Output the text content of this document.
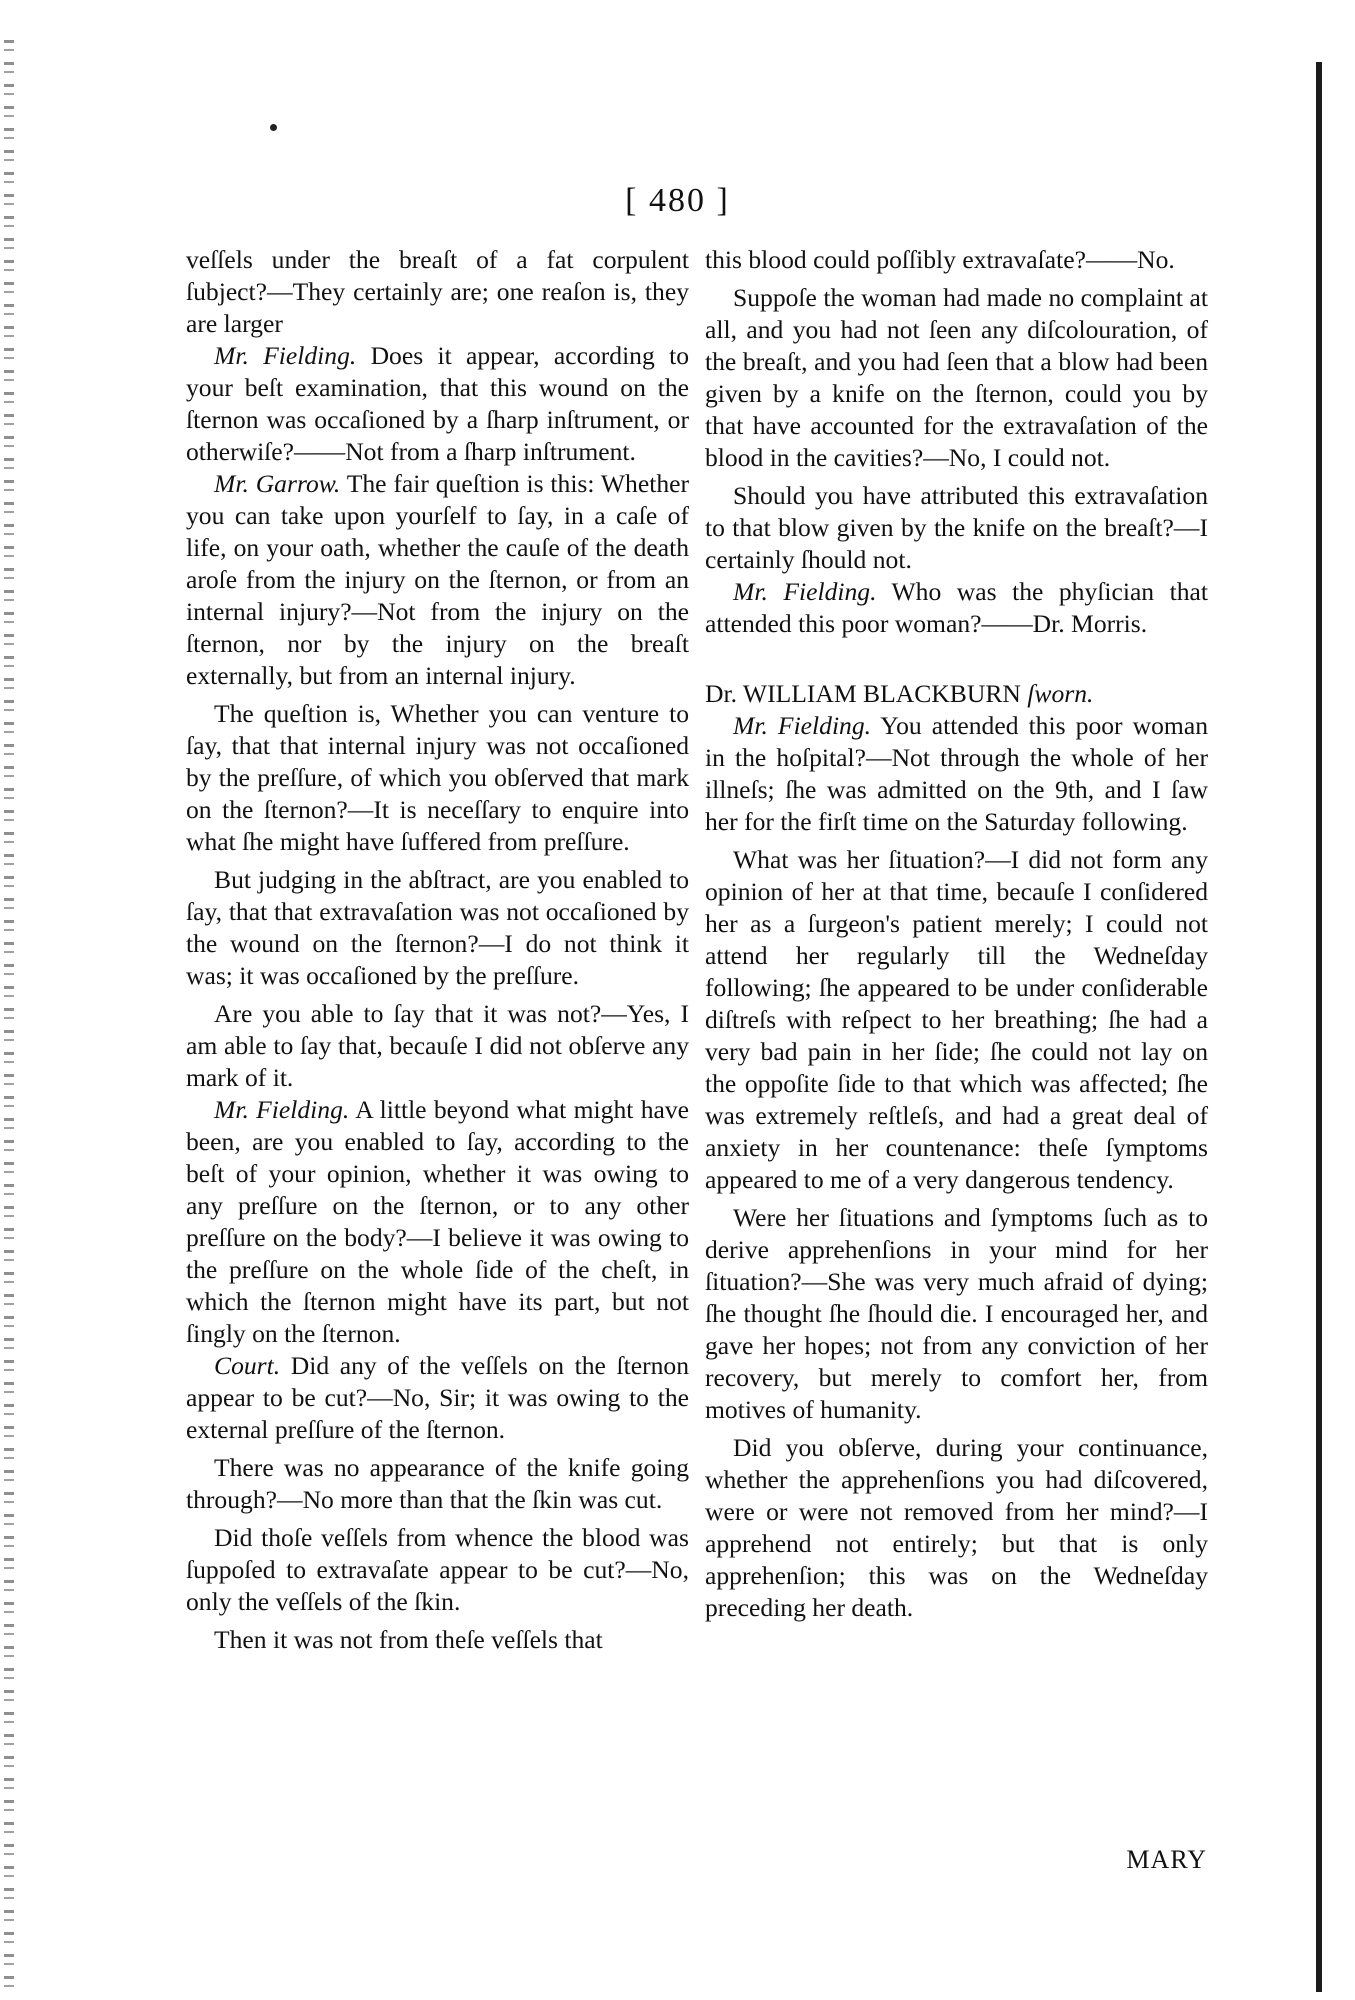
[ 480 ]

veſſels under the breaſt of a fat corpulent ſubject?—They certainly are; one reaſon is, they are larger

Mr. Fielding. Does it appear, according to your beſt examination, that this wound on the ſternon was occaſioned by a ſharp inſtrument, or otherwiſe?——Not from a ſharp inſtrument.

Mr. Garrow. The fair queſtion is this: Whether you can take upon yourſelf to ſay, in a caſe of life, on your oath, whether the cauſe of the death aroſe from the injury on the ſternon, or from an internal injury?—Not from the injury on the ſternon, nor by the injury on the breaſt externally, but from an internal injury.

The queſtion is, Whether you can venture to ſay, that that internal injury was not occaſioned by the preſſure, of which you obſerved that mark on the ſternon?—It is neceſſary to enquire into what ſhe might have ſuffered from preſſure.

But judging in the abſtract, are you enabled to ſay, that that extravaſation was not occaſioned by the wound on the ſternon?—I do not think it was; it was occaſioned by the preſſure.

Are you able to ſay that it was not?—Yes, I am able to ſay that, becauſe I did not obſerve any mark of it.

Mr. Fielding. A little beyond what might have been, are you enabled to ſay, according to the beſt of your opinion, whether it was owing to any preſſure on the ſternon, or to any other preſſure on the body?—I believe it was owing to the preſſure on the whole ſide of the cheſt, in which the ſternon might have its part, but not ſingly on the ſternon.

Court. Did any of the veſſels on the ſternon appear to be cut?—No, Sir; it was owing to the external preſſure of the ſternon.

There was no appearance of the knife going through?—No more than that the ſkin was cut.

Did thoſe veſſels from whence the blood was ſuppoſed to extravaſate appear to be cut?—No, only the veſſels of the ſkin.

Then it was not from theſe veſſels that

this blood could poſſibly extravaſate?——No.

Suppoſe the woman had made no complaint at all, and you had not ſeen any diſcolouration, of the breaſt, and you had ſeen that a blow had been given by a knife on the ſternon, could you by that have accounted for the extravaſation of the blood in the cavities?—No, I could not.

Should you have attributed this extravaſation to that blow given by the knife on the breaſt?—I certainly ſhould not.

Mr. Fielding. Who was the phyſician that attended this poor woman?——Dr. Morris.

Dr. WILLIAM BLACKBURN ſworn.

Mr. Fielding. You attended this poor woman in the hoſpital?—Not through the whole of her illneſs; ſhe was admitted on the 9th, and I ſaw her for the firſt time on the Saturday following.

What was her ſituation?—I did not form any opinion of her at that time, becauſe I conſidered her as a ſurgeon's patient merely; I could not attend her regularly till the Wedneſday following; ſhe appeared to be under conſiderable diſtreſs with reſpect to her breathing; ſhe had a very bad pain in her ſide; ſhe could not lay on the oppoſite ſide to that which was affected; ſhe was extremely reſtleſs, and had a great deal of anxiety in her countenance: theſe ſymptoms appeared to me of a very dangerous tendency.

Were her ſituations and ſymptoms ſuch as to derive apprehenſions in your mind for her ſituation?—She was very much afraid of dying; ſhe thought ſhe ſhould die. I encouraged her, and gave her hopes; not from any conviction of her recovery, but merely to comfort her, from motives of humanity.

Did you obſerve, during your continuance, whether the apprehenſions you had diſcovered, were or were not removed from her mind?—I apprehend not entirely; but that is only apprehenſion; this was on the Wedneſday preceding her death.

MARY
